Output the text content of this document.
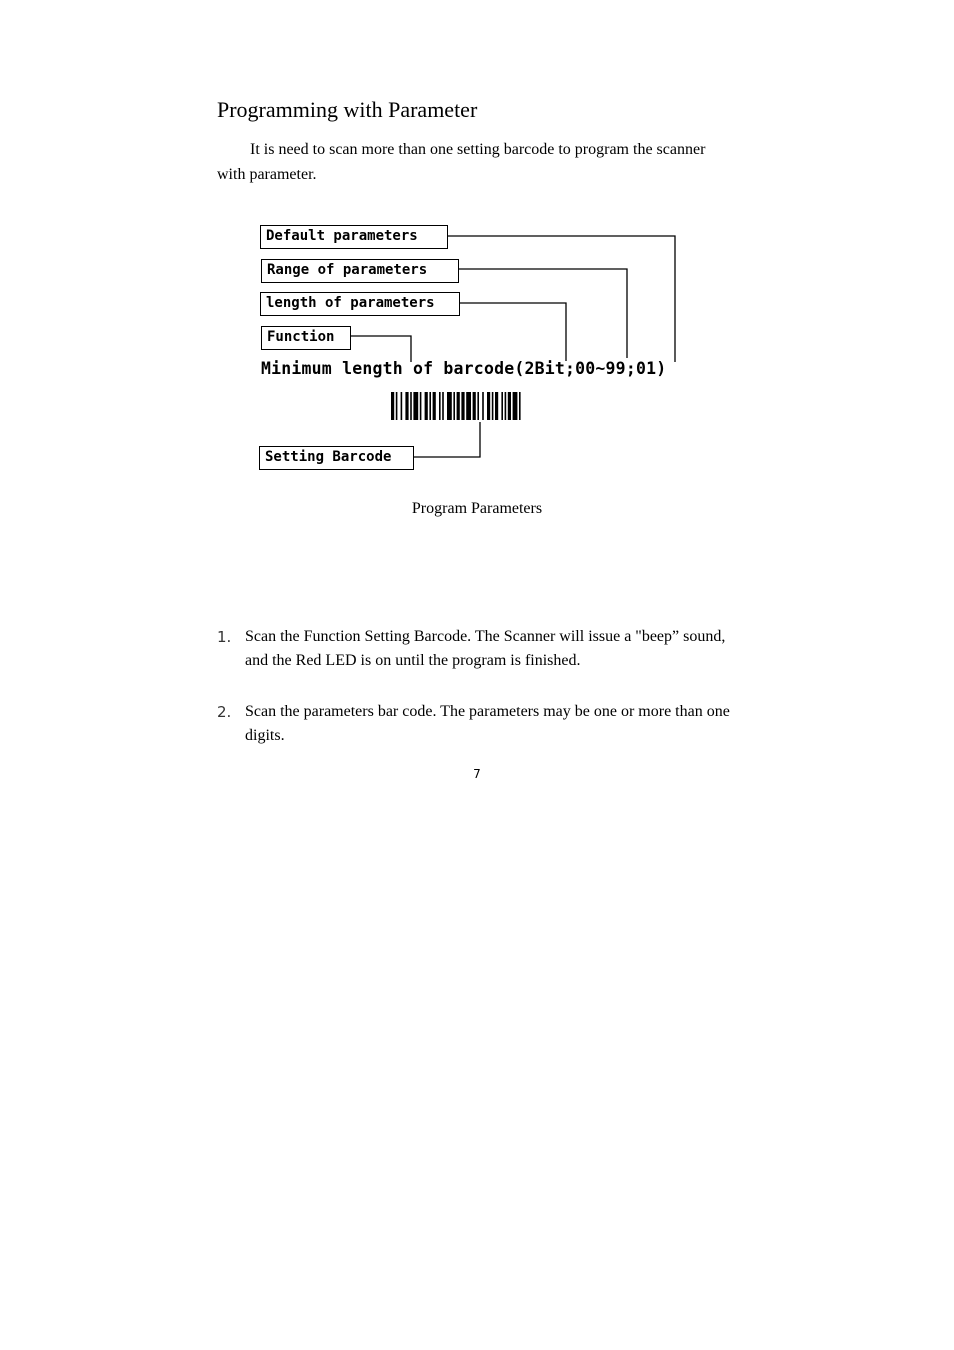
Programming with Parameter

It is need to scan more than one setting barcode to program the scanner with parameter.

Default parameters
Range of parameters
length of parameters
Function
Setting Barcode

Minimum length of barcode(2Bit;00~99;01)

Program Parameters

1. Scan the Function Setting Barcode. The Scanner will issue a "beep” sound, and the Red LED is on until the program is finished.
2. Scan the parameters bar code. The parameters may be one or more than one digits.

7
